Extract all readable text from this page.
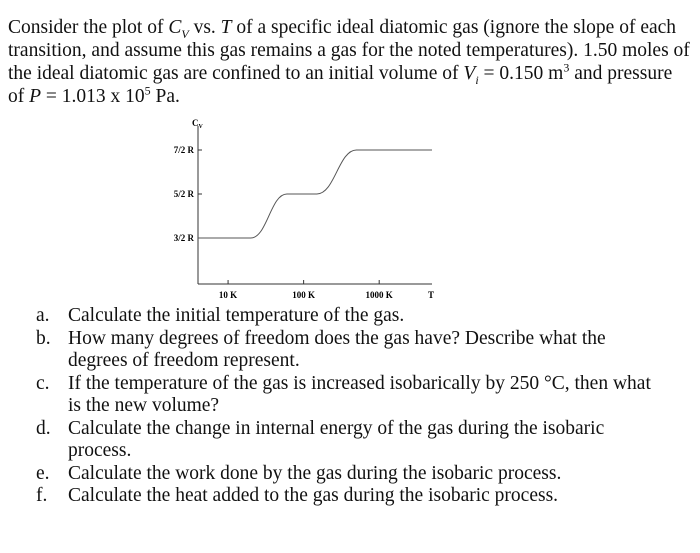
Consider the plot of $C_V$ vs. T of a specific ideal diatomic gas (ignore the slope of each transition, and assume this gas remains a gas for the noted temperatures). 1.50 moles of the ideal diatomic gas are confined to an initial volume of $V_i = 0.150$ $m^3$ and pressure of P = 1.013 x $10^5$ Pa.

$C_V$
T
7/2 R
5/2 R
3/2 R
10 K	100 K	1000 K
a. Calculate the initial temperature of the gas.
b. How many degrees of freedom does the gas have? Describe what the degrees of freedom represent.
c. If the temperature of the gas is increased isobarically by 250 °C, then what is the new volume?
d. Calculate the change in internal energy of the gas during the isobaric process.
e. Calculate the work done by the gas during the isobaric process.
f. Calculate the heat added to the gas during the isobaric process.
